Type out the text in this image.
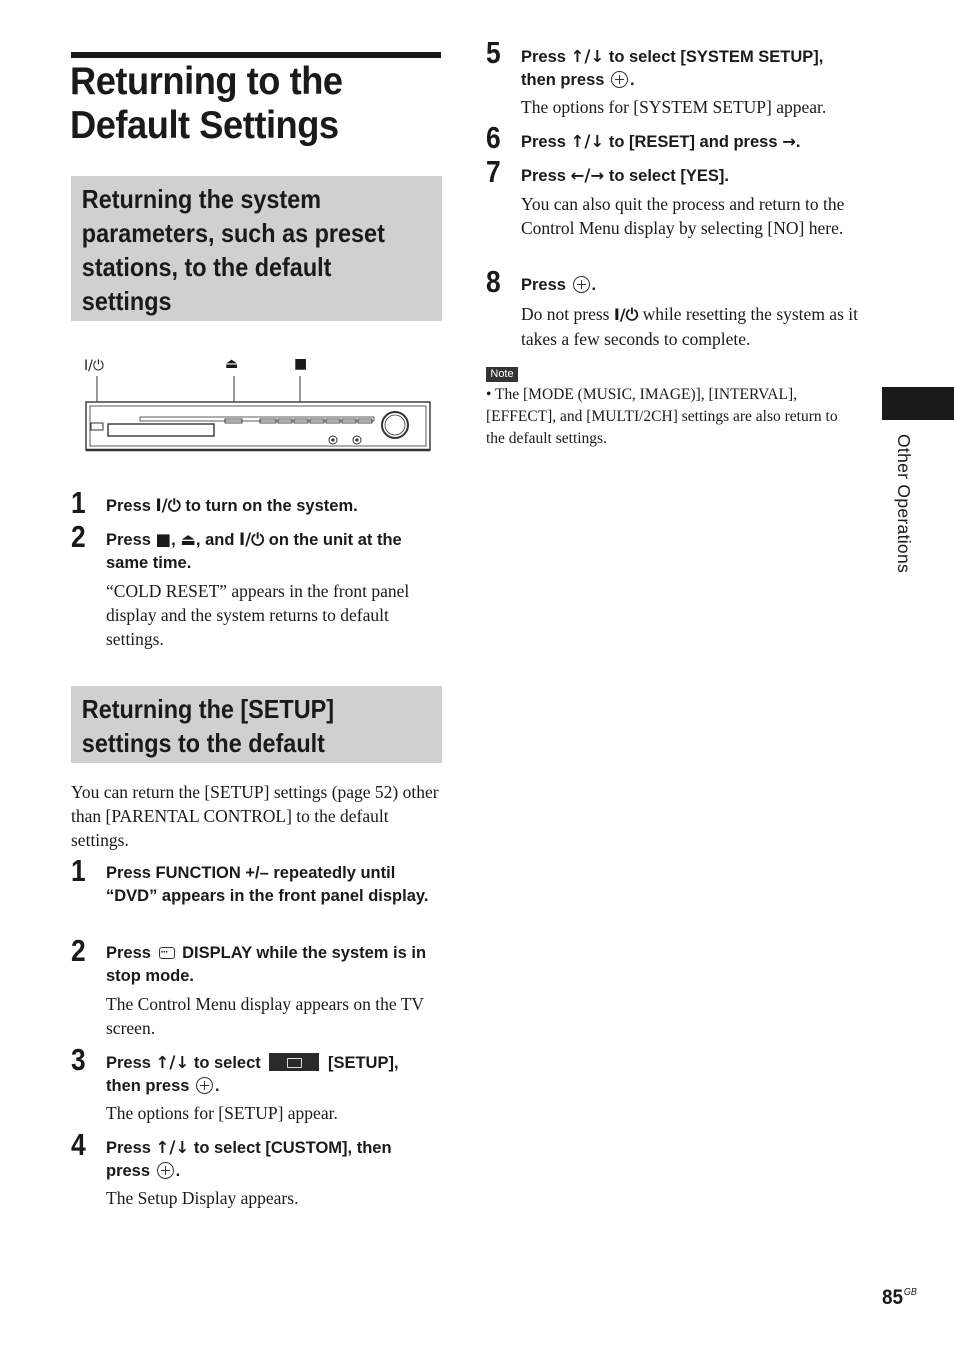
Returning to the Default Settings
Returning the system parameters, such as preset stations, to the default settings
I/⏻	⏏	■
1 Press I/⏻ to turn on the system.
2 Press ■, ⏏, and I/⏻ on the unit at the same time.
“COLD RESET” appears in the front panel display and the system returns to default settings.
Returning the [SETUP] settings to the default
You can return the [SETUP] settings (page 52) other than [PARENTAL CONTROL] to the default settings.
1 Press FUNCTION +/– repeatedly until “DVD” appears in the front panel display.
2 Press ··· DISPLAY while the system is in stop mode.
The Control Menu display appears on the TV screen.
3 Press ↑/↓ to select	[SETUP],
then press .
The options for [SETUP] appear.
4 Press ↑/↓ to select [CUSTOM], then
press .
The Setup Display appears.
5 Press ↑/↓ to select [SYSTEM SETUP],
then press .
The options for [SYSTEM SETUP] appear.
6 Press ↑/↓ to [RESET] and press →.
7 Press ←/→ to select [YES].
You can also quit the process and return to the Control Menu display by selecting [NO] here.
8 Press .
Do not press I/⏻ while resetting the system as it takes a few seconds to complete.
Note
• The [MODE (MUSIC, IMAGE)], [INTERVAL], [EFFECT], and [MULTI/2CH] settings are also return to the default settings.	Other Operations
$85^{GB}$
